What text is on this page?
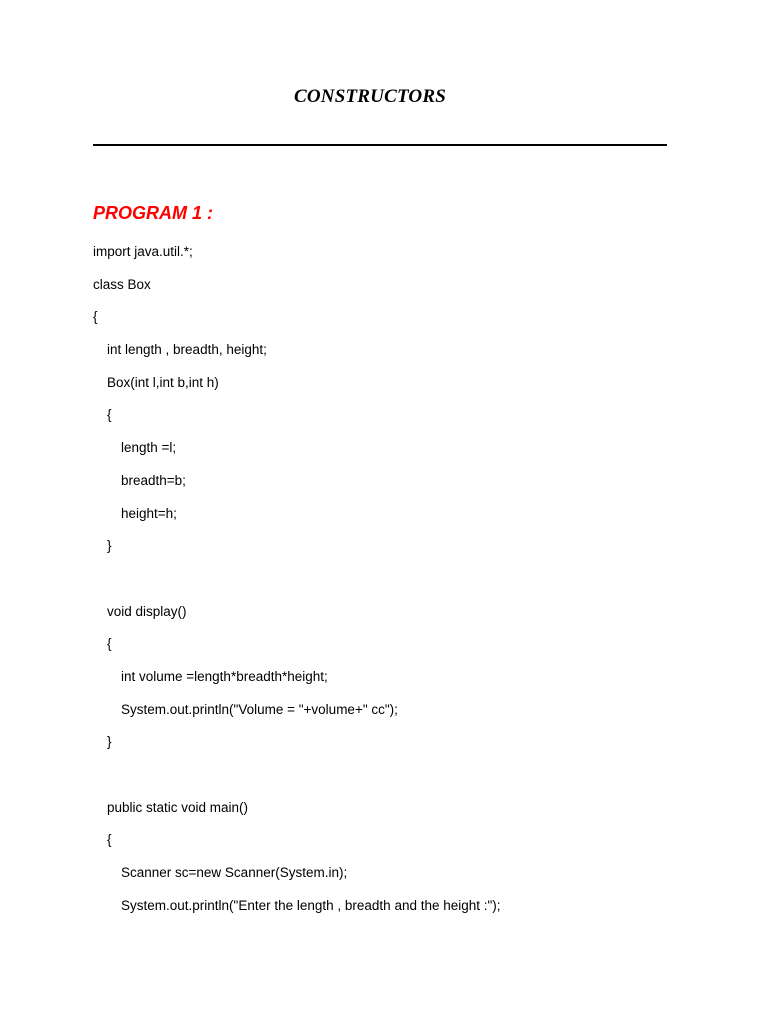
CONSTRUCTORS
PROGRAM 1 :
import java.util.*;
class Box
{
int length , breadth, height;
Box(int l,int b,int h)
{
length =l;
breadth=b;
height=h;
}
void display()
{
int volume =length*breadth*height;
System.out.println("Volume = "+volume+" cc");
}
public static void main()
{
Scanner sc=new Scanner(System.in);
System.out.println("Enter the length , breadth and the height :");
